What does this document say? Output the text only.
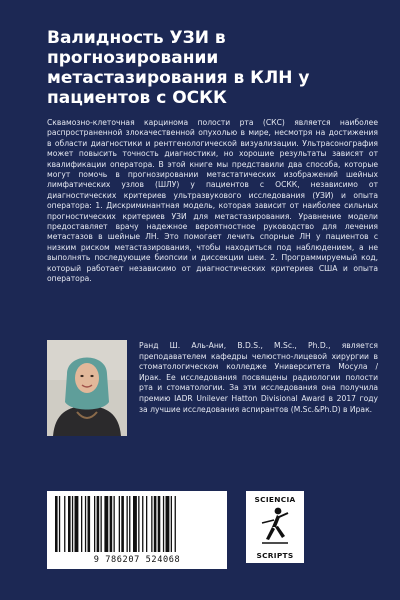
Валидность УЗИ в прогнозировании метастазирования в КЛН у пациентов с ОСКК

Сквамозно-клеточная карцинома полости рта (СКС) является наиболее распространенной злокачественной опухолью в мире, несмотря на достижения в области диагностики и рентгенологической визуализации. Ультрасонография может повысить точность диагностики, но хорошие результаты зависят от квалификации оператора. В этой книге мы представили два способа, которые могут помочь в прогнозировании метастатических изображений шейных лимфатических узлов (ШЛУ) у пациентов с ОСКК, независимо от диагностических критериев ультразвукового исследования (УЗИ) и опыта оператора: 1. Дискриминантная модель, которая зависит от наиболее сильных прогностических критериев УЗИ для метастазирования. Уравнение модели предоставляет врачу надежное вероятностное руководство для лечения метастазов в шейные ЛН. Это помогает лечить спорные ЛН у пациентов с низким риском метастазирования, чтобы находиться под наблюдением, а не выполнять последующие биопсии и диссекции шеи. 2. Программируемый код, который работает независимо от диагностических критериев США и опыта оператора.

Ранд Ш. Аль-Ани, B.D.S., M.Sc., Ph.D., является преподавателем кафедры челюстно-лицевой хирургии в стоматологическом колледже Университета Мосула / Ирак. Ее исследования посвящены радиологии полости рта и стоматологии. За эти исследования она получила премию IADR Unilever Hatton Divisional Award в 2017 году за лучшие исследования аспирантов (M.Sc.&Ph.D) в Ирак.

9 786207 524068
SCIENCIA
SCRIPTS
